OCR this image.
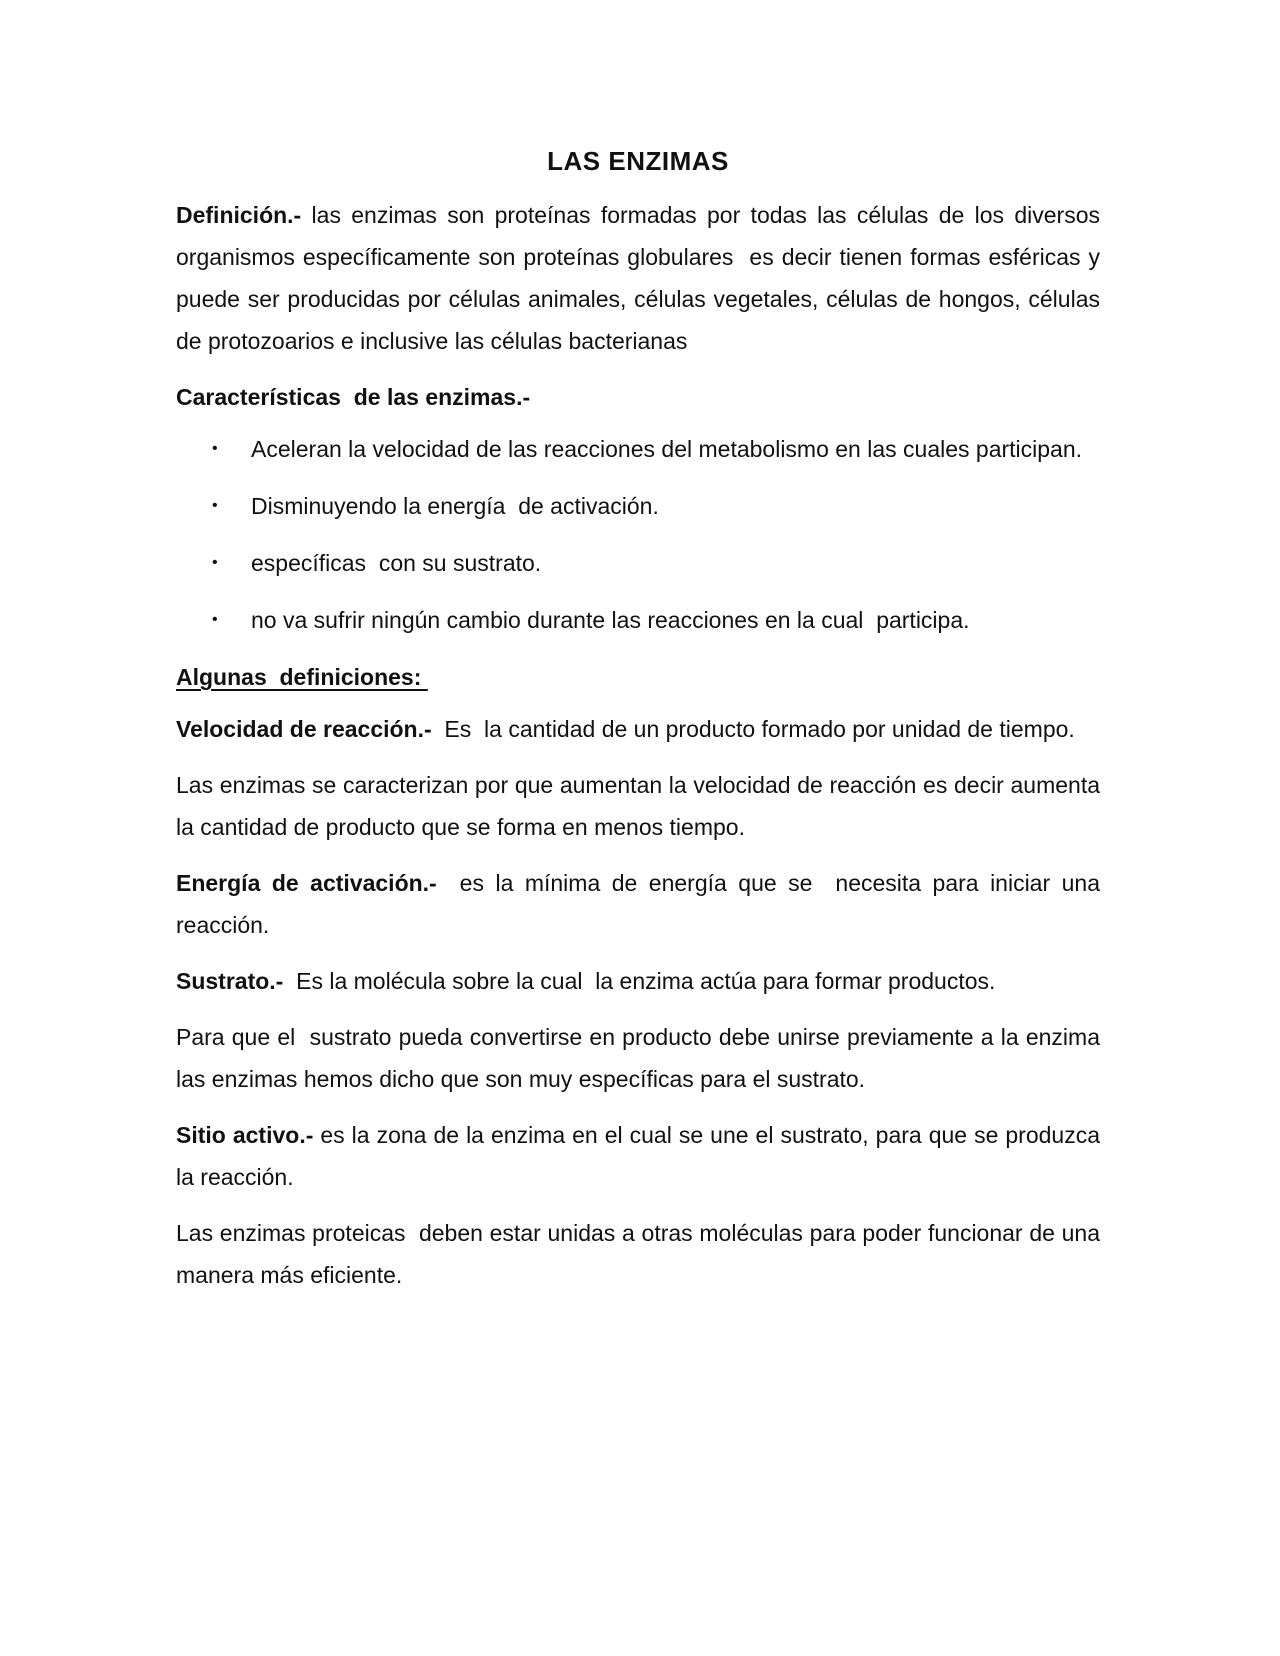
LAS ENZIMAS

Definición.- las enzimas son proteínas formadas por todas las células de los diversos organismos específicamente son proteínas globulares  es decir tienen formas esféricas y puede ser producidas por células animales, células vegetales, células de hongos, células de protozoarios e inclusive las células bacterianas

Características  de las enzimas.-
• Aceleran la velocidad de las reacciones del metabolismo en las cuales participan.
• Disminuyendo la energía  de activación.
• específicas  con su sustrato.
• no va sufrir ningún cambio durante las reacciones en la cual  participa.
Algunas  definiciones:

Velocidad de reacción.-  Es  la cantidad de un producto formado por unidad de tiempo.

Las enzimas se caracterizan por que aumentan la velocidad de reacción es decir aumenta la cantidad de producto que se forma en menos tiempo.

Energía de activación.-  es la mínima de energía que se  necesita para iniciar una reacción.

Sustrato.-  Es la molécula sobre la cual  la enzima actúa para formar productos.

Para que el  sustrato pueda convertirse en producto debe unirse previamente a la enzima las enzimas hemos dicho que son muy específicas para el sustrato.

Sitio activo.- es la zona de la enzima en el cual se une el sustrato, para que se produzca la reacción.

Las enzimas proteicas  deben estar unidas a otras moléculas para poder funcionar de una manera más eficiente.
